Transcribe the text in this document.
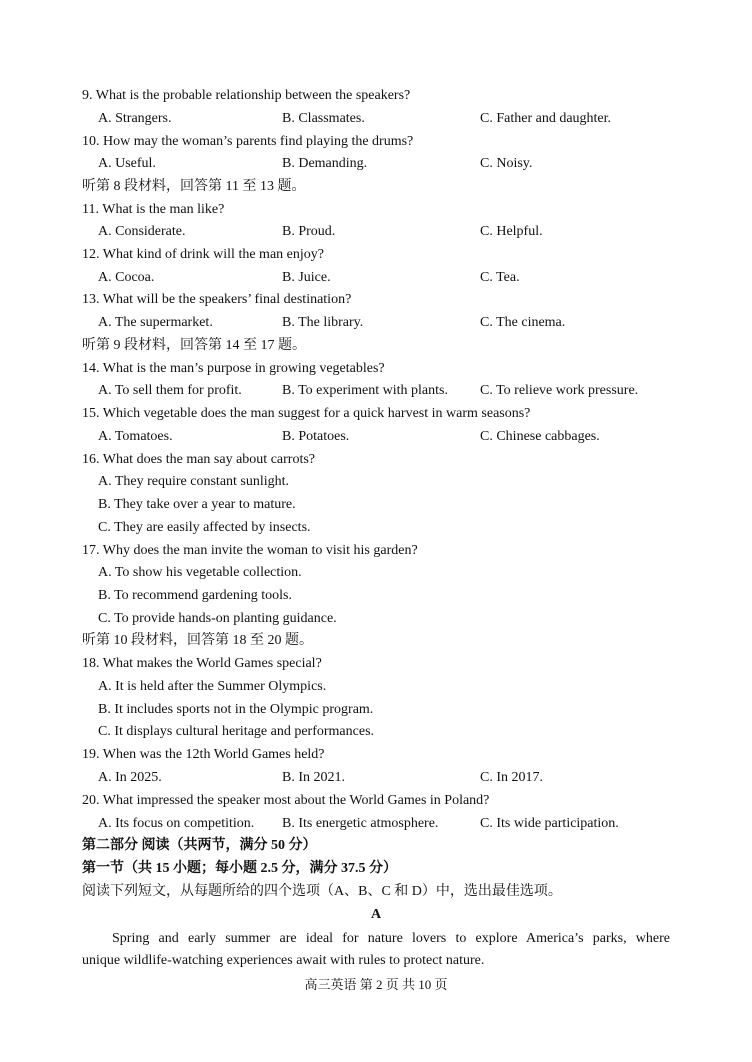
9. What is the probable relationship between the speakers?
A. Strangers.	B. Classmates.	C. Father and daughter.
10. How may the woman’s parents find playing the drums?
A. Useful.	B. Demanding.	C. Noisy.
听第 8 段材料，回答第 11 至 13 题。
11. What is the man like?
A. Considerate.	B. Proud.	C. Helpful.
12. What kind of drink will the man enjoy?
A. Cocoa.	B. Juice.	C. Tea.
13. What will be the speakers’ final destination?
A. The supermarket.	B. The library.	C. The cinema.
听第 9 段材料，回答第 14 至 17 题。
14. What is the man’s purpose in growing vegetables?
A. To sell them for profit.	B. To experiment with plants. C. To relieve work pressure.
15. Which vegetable does the man suggest for a quick harvest in warm seasons?
A. Tomatoes.	B. Potatoes.	C. Chinese cabbages.
16. What does the man say about carrots?
A. They require constant sunlight.
B. They take over a year to mature.
C. They are easily affected by insects.
17. Why does the man invite the woman to visit his garden?
A. To show his vegetable collection.
B. To recommend gardening tools.
C. To provide hands-on planting guidance.
听第 10 段材料，回答第 18 至 20 题。
18. What makes the World Games special?
A. It is held after the Summer Olympics.
B. It includes sports not in the Olympic program.
C. It displays cultural heritage and performances.
19. When was the 12th World Games held?
A. In 2025.	B. In 2021.	C. In 2017.
20. What impressed the speaker most about the World Games in Poland?
A. Its focus on competition. B. Its energetic atmosphere.	C. Its wide participation.
第二部分 阅读（共两节，满分 50 分）
第一节（共 15 小题；每小题 2.5 分，满分 37.5 分）
阅读下列短文，从每题所给的四个选项（A、B、C 和 D）中，选出最佳选项。
A
Spring and early summer are ideal for nature lovers to explore America’s parks, where
unique wildlife-watching experiences await with rules to protect nature.
高三英语 第 2 页 共 10 页
